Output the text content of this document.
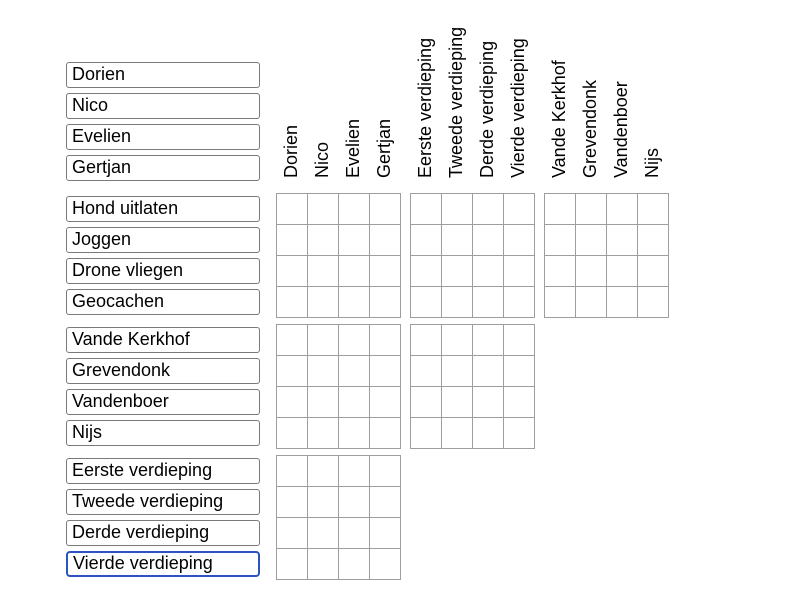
Dorien
Nico
Evelien
Gertjan
Hond uitlaten
Joggen
Drone vliegen
Geocachen
Vande Kerkhof
Grevendonk
Vandenboer
Nijs
Eerste verdieping
Tweede verdieping
Derde verdieping
Vierde verdieping
Dorien Nico Evelien Gertjan	Eerste verdieping Tweede verdieping Derde verdieping Vierde verdieping	Vande Kerkhof Grevendonk Vandenboer Nijs
